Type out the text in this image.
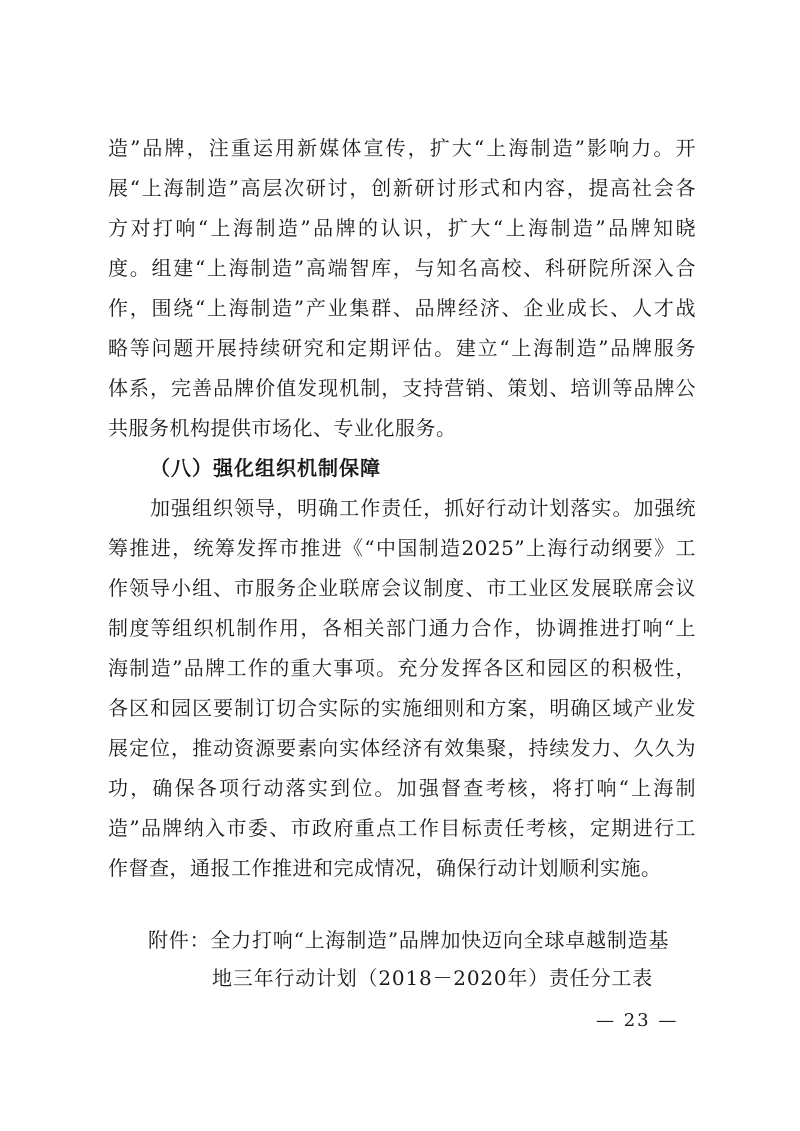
造”品牌，注重运用新媒体宣传，扩大“上海制造”影响力。开
展“上海制造”高层次研讨，创新研讨形式和内容，提高社会各
方对打响“上海制造”品牌的认识，扩大“上海制造”品牌知晓
度。组建“上海制造”高端智库，与知名高校、科研院所深入合
作，围绕“上海制造”产业集群、品牌经济、企业成长、人才战
略等问题开展持续研究和定期评估。建立“上海制造”品牌服务
体系，完善品牌价值发现机制，支持营销、策划、培训等品牌公
共服务机构提供市场化、专业化服务。
（八）强化组织机制保障
加强组织领导，明确工作责任，抓好行动计划落实。加强统
筹推进，统筹发挥市推进《“中国制造2025”上海行动纲要》工
作领导小组、市服务企业联席会议制度、市工业区发展联席会议
制度等组织机制作用，各相关部门通力合作，协调推进打响“上
海制造”品牌工作的重大事项。充分发挥各区和园区的积极性，
各区和园区要制订切合实际的实施细则和方案，明确区域产业发
展定位，推动资源要素向实体经济有效集聚，持续发力、久久为
功，确保各项行动落实到位。加强督查考核，将打响“上海制
造”品牌纳入市委、市政府重点工作目标责任考核，定期进行工
作督查，通报工作推进和完成情况，确保行动计划顺利实施。
附件：全力打响“上海制造”品牌加快迈向全球卓越制造基
地三年行动计划（2018－2020年）责任分工表
— 23 —
